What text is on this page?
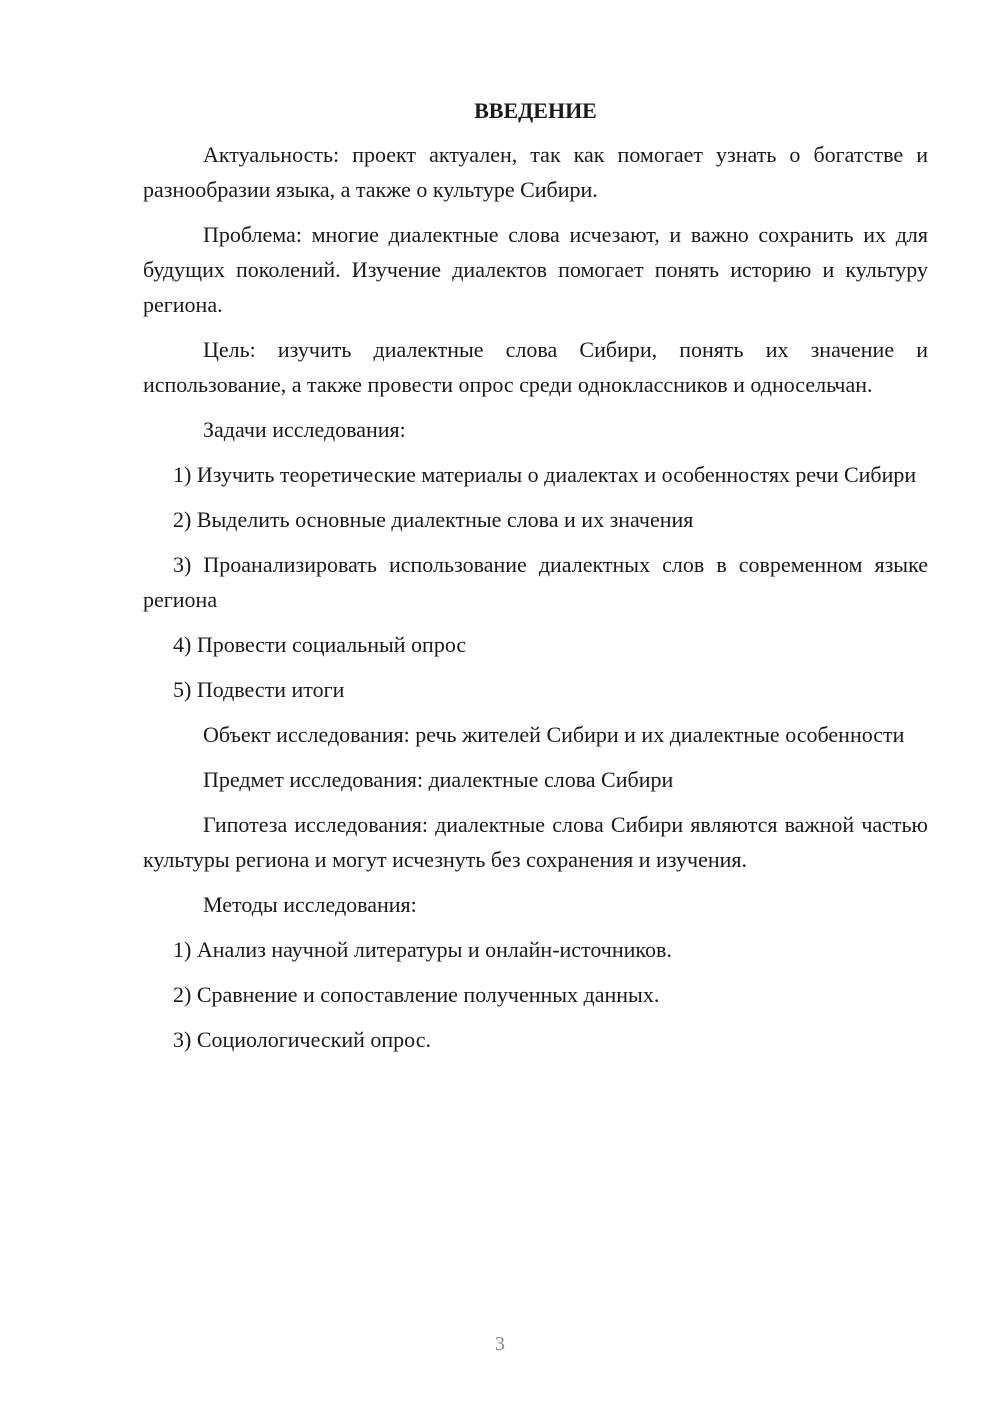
ВВЕДЕНИЕ
Актуальность: проект актуален, так как помогает узнать о богатстве и разнообразии языка, а также о культуре Сибири.
Проблема: многие диалектные слова исчезают, и важно сохранить их для будущих поколений. Изучение диалектов помогает понять историю и культуру региона.
Цель: изучить диалектные слова Сибири, понять их значение и использование, а также провести опрос среди одноклассников и односельчан.
Задачи исследования:
1) Изучить теоретические материалы о диалектах и особенностях речи Сибири
2) Выделить основные диалектные слова и их значения
3) Проанализировать использование диалектных слов в современном языке региона
4) Провести социальный опрос
5) Подвести итоги
Объект исследования: речь жителей Сибири и их диалектные особенности
Предмет исследования: диалектные слова Сибири
Гипотеза исследования: диалектные слова Сибири являются важной частью культуры региона и могут исчезнуть без сохранения и изучения.
Методы исследования:
1) Анализ научной литературы и онлайн-источников.
2) Сравнение и сопоставление полученных данных.
3) Социологический опрос.
3
